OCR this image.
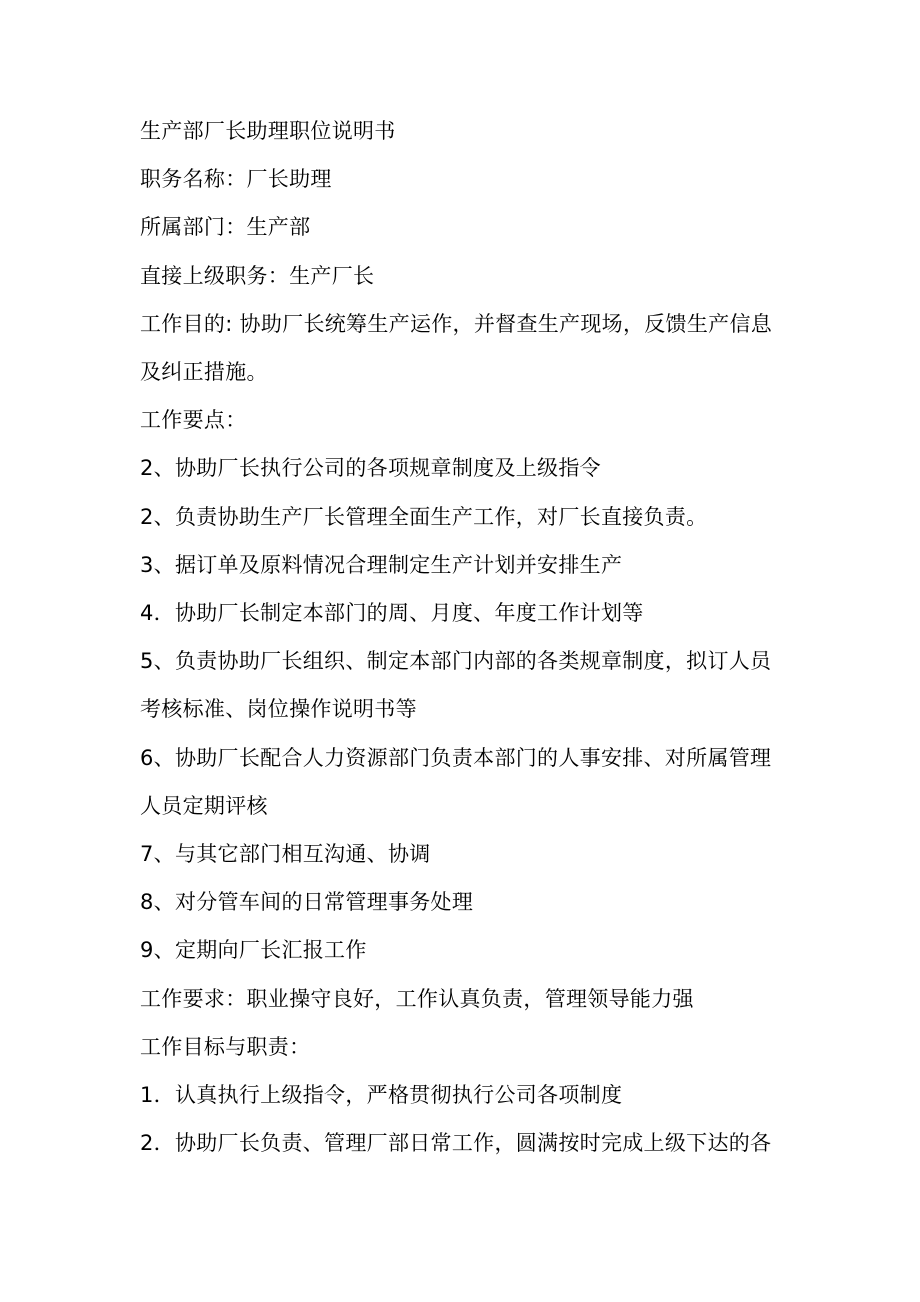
生产部厂长助理职位说明书
职务名称：厂长助理
所属部门：生产部
直接上级职务：生产厂长
工作目的: 协助厂长统筹生产运作，并督查生产现场，反馈生产信息
及纠正措施。
工作要点：
2、协助厂长执行公司的各项规章制度及上级指令
2、负责协助生产厂长管理全面生产工作，对厂长直接负责。
3、据订单及原料情况合理制定生产计划并安排生产
4．协助厂长制定本部门的周、月度、年度工作计划等
5、负责协助厂长组织、制定本部门内部的各类规章制度，拟订人员
考核标准、岗位操作说明书等
6、协助厂长配合人力资源部门负责本部门的人事安排、对所属管理
人员定期评核
7、与其它部门相互沟通、协调
8、对分管车间的日常管理事务处理
9、定期向厂长汇报工作
工作要求：职业操守良好，工作认真负责，管理领导能力强
工作目标与职责：
1．认真执行上级指令，严格贯彻执行公司各项制度
2．协助厂长负责、管理厂部日常工作，圆满按时完成上级下达的各
